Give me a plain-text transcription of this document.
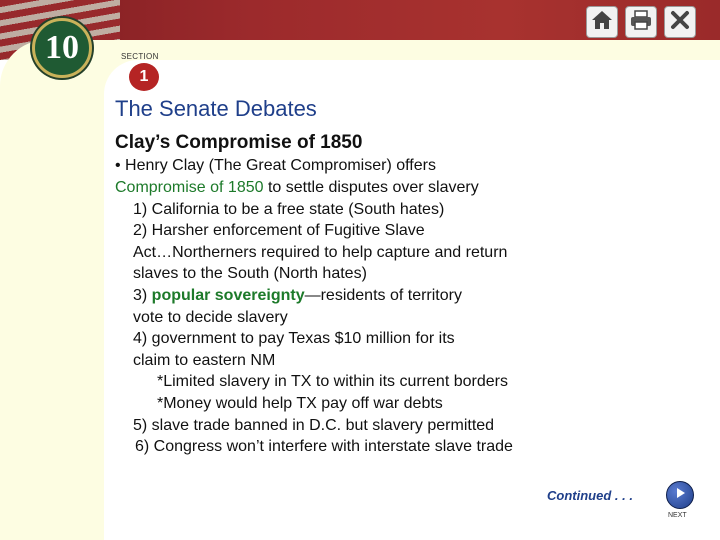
10	SECTION
1
The Senate Debates
Clay’s Compromise of 1850
• Henry Clay (The Great Compromiser) offers
Compromise of 1850 to settle disputes over slavery
1) California to be a free state (South hates)
2) Harsher enforcement of Fugitive Slave
Act…Northerners required to help capture and return
slaves to the South (North hates)
3) popular sovereignty—residents of territory
vote to decide slavery
4) government to pay Texas $10 million for its
claim to eastern NM
*Limited slavery in TX to within its current borders
*Money would help TX pay off war debts
5) slave trade banned in D.C. but slavery permitted
6) Congress won’t interfere with interstate slave trade
Continued . . .
NEXT
